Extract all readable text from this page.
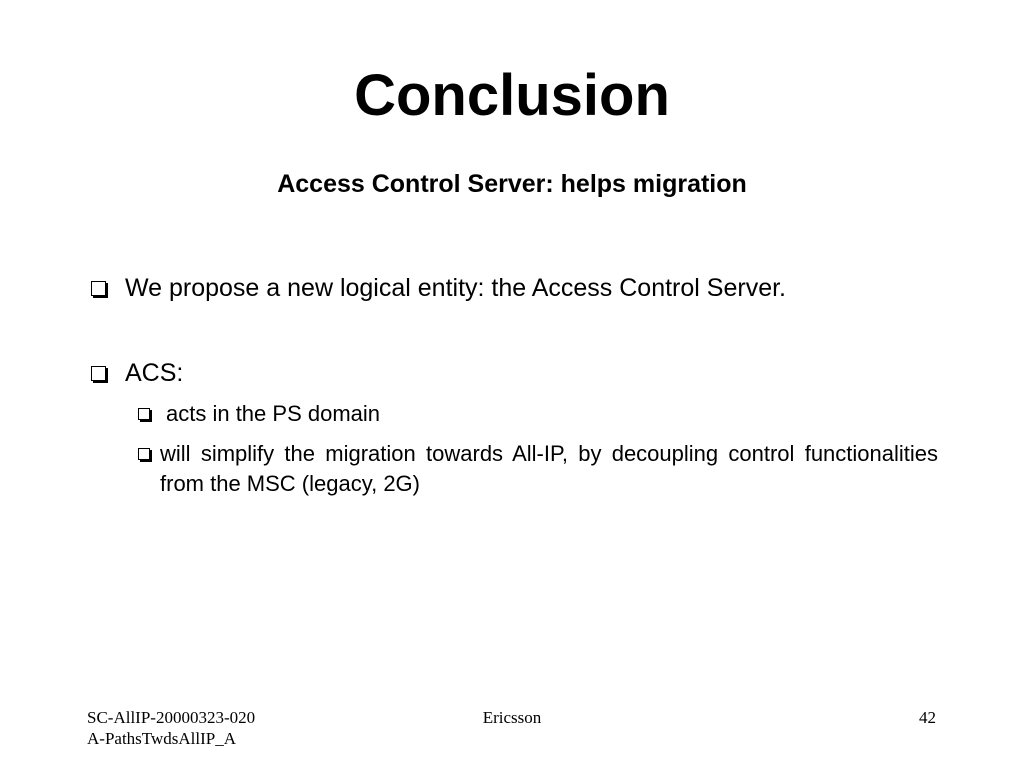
Conclusion
Access Control Server: helps migration
We propose a new logical entity: the Access Control Server.
ACS:
acts in the PS domain
will simplify the migration towards All-IP, by decoupling control functionalities from the MSC (legacy, 2G)
SC-AllIP-20000323-020A-PathsTwdsAllIP_A
Ericsson	42
